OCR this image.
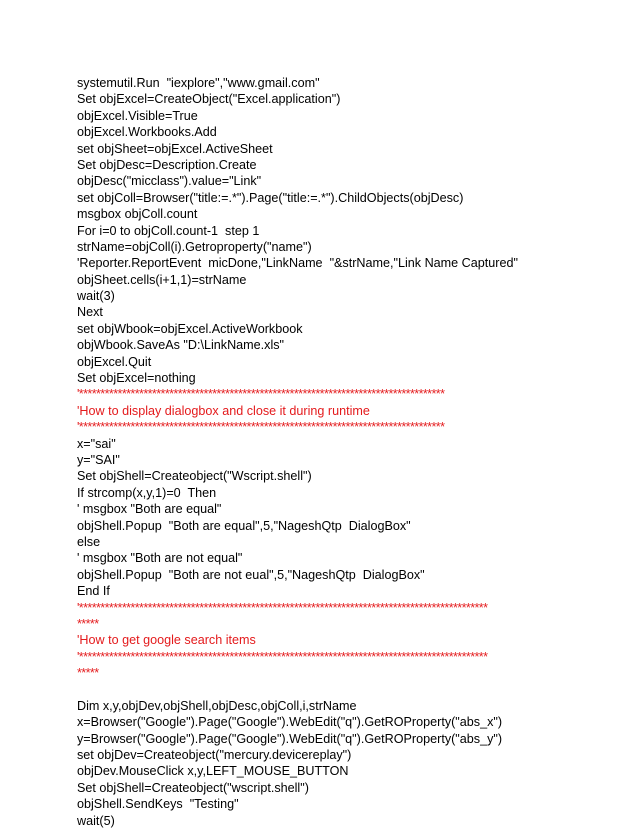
systemutil.Run  "iexplore","www.gmail.com"
Set objExcel=CreateObject("Excel.application")
objExcel.Visible=True
objExcel.Workbooks.Add
set objSheet=objExcel.ActiveSheet
Set objDesc=Description.Create
objDesc("micclass").value="Link"
set objColl=Browser("title:=.*").Page("title:=.*").ChildObjects(objDesc)
msgbox objColl.count
For i=0 to objColl.count-1  step 1
strName=objColl(i).Getroproperty("name")
'Reporter.ReportEvent  micDone,"LinkName  "&strName,"Link Name Captured"
objSheet.cells(i+1,1)=strName
wait(3)
Next
set objWbook=objExcel.ActiveWorkbook
objWbook.SaveAs "D:\LinkName.xls"
objExcel.Quit
Set objExcel=nothing
'*************************************************************************************
'How to display dialogbox and close it during runtime
'*************************************************************************************
x="sai"
y="SAI"
Set objShell=Createobject("Wscript.shell")
If strcomp(x,y,1)=0  Then
' msgbox "Both are equal"
objShell.Popup  "Both are equal",5,"NageshQtp  DialogBox"
else
' msgbox "Both are not equal"
objShell.Popup  "Both are not eual",5,"NageshQtp  DialogBox"
End If
'***********************************************************************************************
*****
'How to get google search items
'***********************************************************************************************
*****
Dim x,y,objDev,objShell,objDesc,objColl,i,strName
x=Browser("Google").Page("Google").WebEdit("q").GetROProperty("abs_x")
y=Browser("Google").Page("Google").WebEdit("q").GetROProperty("abs_y")
set objDev=Createobject("mercury.devicereplay")
objDev.MouseClick x,y,LEFT_MOUSE_BUTTON
Set objShell=Createobject("wscript.shell")
objShell.SendKeys  "Testing"
wait(5)
